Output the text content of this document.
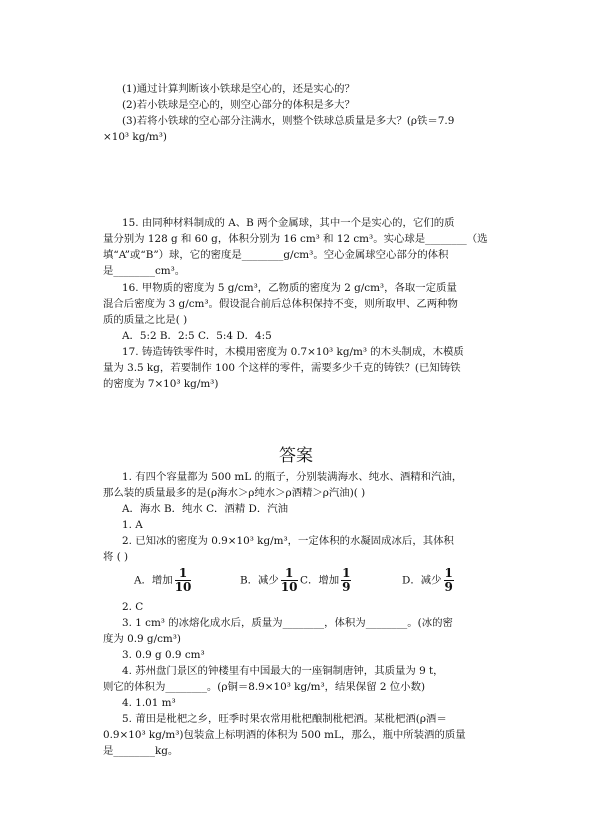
(1)通过计算判断该小铁球是空心的，还是实心的？
(2)若小铁球是空心的，则空心部分的体积是多大？
(3)若将小铁球的空心部分注满水，则整个铁球总质量是多大？(ρ铁＝7.9
×10³ kg/m³)
15. 由同种材料制成的 A、B 两个金属球，其中一个是实心的，它们的质
量分别为 128 g 和 60 g，体积分别为 16 cm³ 和 12 cm³。实心球是________（选
填“A”或“B”）球，它的密度是________g/cm³。空心金属球空心部分的体积
是________cm³。
16. 甲物质的密度为 5 g/cm³，乙物质的密度为 2 g/cm³，各取一定质量
混合后密度为 3 g/cm³。假设混合前后总体积保持不变，则所取甲、乙两种物
质的质量之比是( )
A．5:2 B．2:5 C．5:4 D．4:5
17. 铸造铸铁零件时，木模用密度为 0.7×10³ kg/m³ 的木头制成，木模质
量为 3.5 kg，若要制作 100 个这样的零件，需要多少千克的铸铁？(已知铸铁
的密度为 7×10³ kg/m³)
答案
1. 有四个容量都为 500 mL 的瓶子，分别装满海水、纯水、酒精和汽油，
那么装的质量最多的是(ρ海水＞ρ纯水＞ρ酒精＞ρ汽油)( )
A．海水 B．纯水 C．酒精 D．汽油
1. A
2. 已知冰的密度为 0.9×10³ kg/m³，一定体积的水凝固成冰后，其体积
将 ( )
A．增加 $\frac{1}{10}$	B．减少 $\frac{1}{10}$ C．增加 $\frac{1}{9}$	D．减少 $\frac{1}{9}$
2. C
3. 1 cm³ 的冰熔化成水后，质量为________，体积为________。(冰的密
度为 0.9 g/cm³)
3. 0.9 g 0.9 cm³
4. 苏州盘门景区的钟楼里有中国最大的一座铜制唐钟，其质量为 9 t，
则它的体积为________。(ρ铜＝8.9×10³ kg/m³，结果保留 2 位小数)
4. 1.01 m³
5. 莆田是枇杷之乡，旺季时果农常用枇杷酿制枇杷酒。某枇杷酒(ρ酒＝
0.9×10³ kg/m³)包装盒上标明酒的体积为 500 mL，那么，瓶中所装酒的质量
是________kg。
